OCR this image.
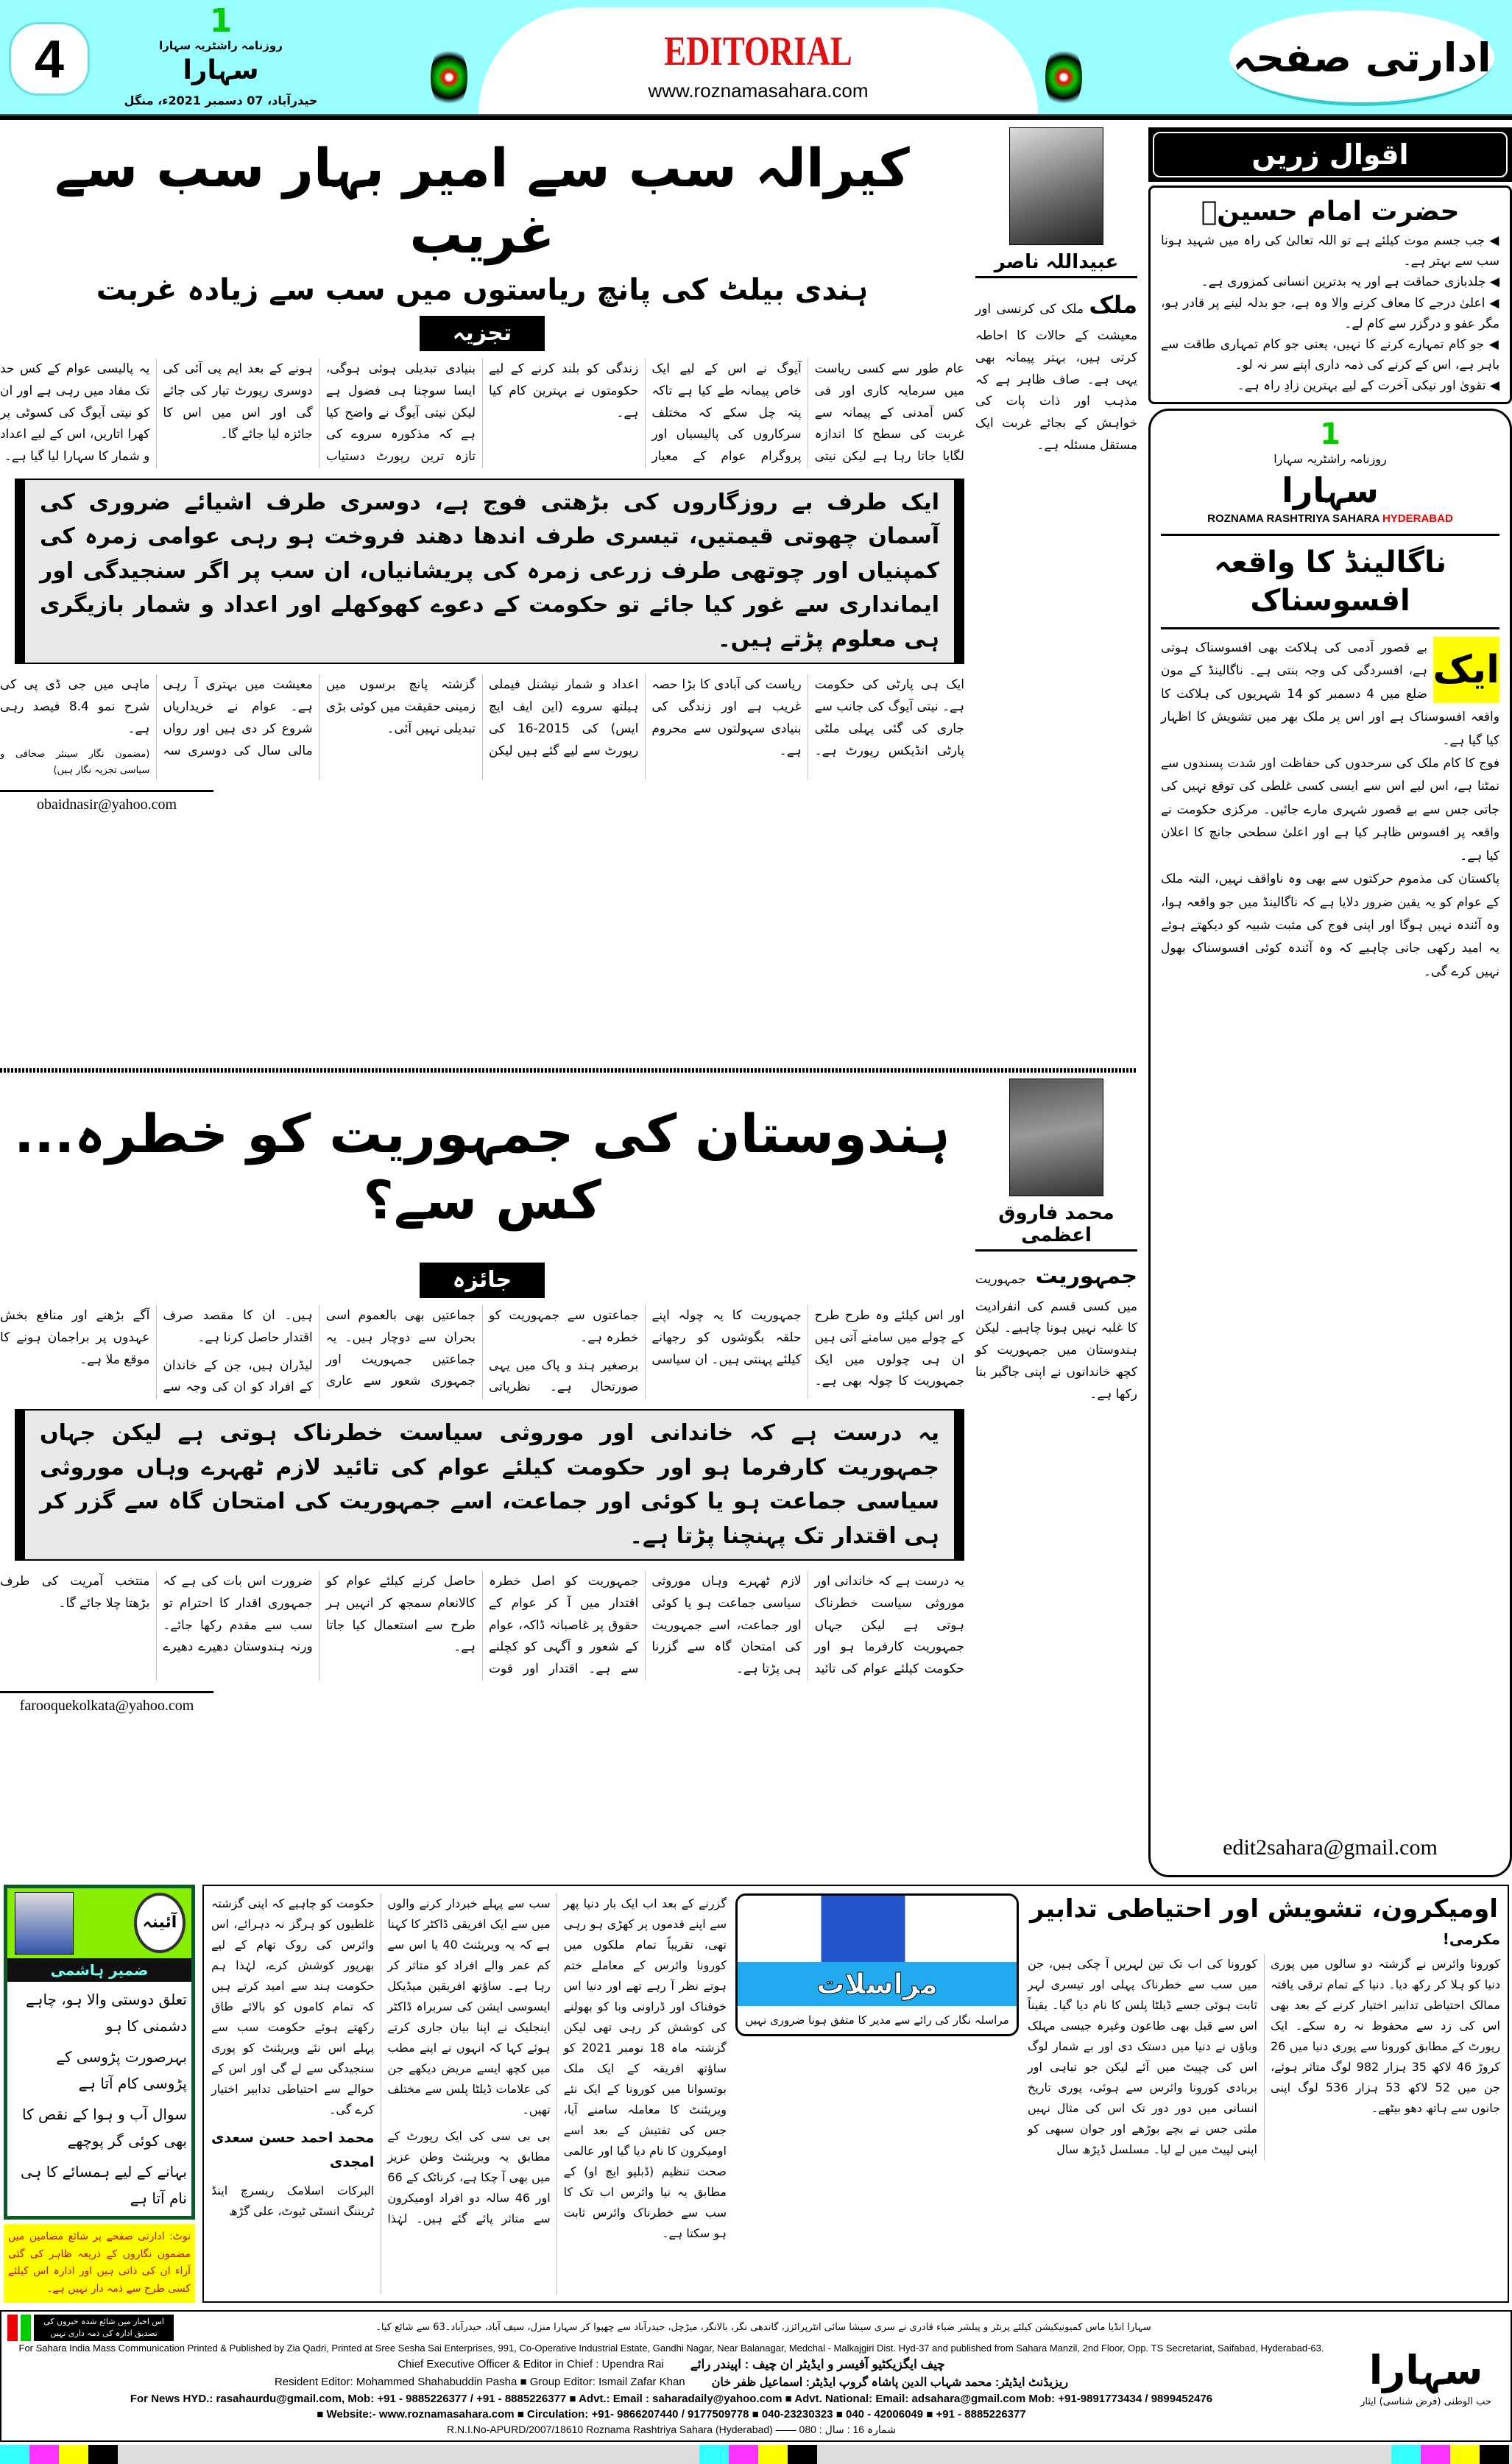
4
1
روزنامہ راشٹریہ سہارا
سہارا
حیدرآباد، 07 دسمبر 2021ء، منگل
EDITORIAL
www.roznamasahara.com
ادارتی صفحہ
کیرالہ سب سے امیر بہار سب سے غریب
ہندی بیلٹ کی پانچ ریاستوں میں سب سے زیادہ غربت
تجزیہ

عام طور سے کسی ریاست میں سرمایہ کاری اور فی کس آمدنی کے پیمانہ سے غربت کی سطح کا اندازہ لگایا جاتا رہا ہے لیکن نیتی آیوگ نے اس کے لیے ایک خاص پیمانہ طے کیا ہے تاکہ پتہ چل سکے کہ مختلف سرکاروں کی پالیسیاں اور پروگرام عوام کے معیار زندگی کو بلند کرنے کے لیے حکومتوں نے بہترین کام کیا ہے۔

بنیادی تبدیلی ہوئی ہوگی، ایسا سوچنا ہی فضول ہے لیکن نیتی آیوگ نے واضح کیا ہے کہ مذکورہ سروے کی تازہ ترین رپورٹ دستیاب ہونے کے بعد ایم پی آئی کی دوسری رپورٹ تیار کی جائے گی اور اس میں اس کا جائزہ لیا جائے گا۔

یہ پالیسی عوام کے کس حد تک مفاد میں رہی ہے اور ان کو نیتی آیوگ کی کسوٹی پر کھرا اتاریں، اس کے لیے اعداد و شمار کا سہارا لیا گیا ہے۔

ایک طرف بے روزگاروں کی بڑھتی فوج ہے، دوسری طرف اشیائے ضروری کی آسمان چھوتی قیمتیں، تیسری طرف اندھا دھند فروخت ہو رہی عوامی زمرہ کی کمپنیاں اور چوتھی طرف زرعی زمرہ کی پریشانیاں، ان سب پر اگر سنجیدگی اور ایمانداری سے غور کیا جائے تو حکومت کے دعوے کھوکھلے اور اعداد و شمار بازیگری ہی معلوم پڑتے ہیں۔

ایک ہی پارٹی کی حکومت ہے۔ نیتی آیوگ کی جانب سے جاری کی گئی پہلی ملٹی پارٹی انڈیکس رپورٹ ہے۔ ریاست کی آبادی کا بڑا حصہ غریب ہے اور زندگی کی بنیادی سہولتوں سے محروم ہے۔

اعداد و شمار نیشنل فیملی ہیلتھ سروے (این ایف ایچ ایس) کی 2015-16 کی رپورٹ سے لیے گئے ہیں لیکن گزشتہ پانچ برسوں میں زمینی حقیقت میں کوئی بڑی تبدیلی نہیں آئی۔

معیشت میں بہتری آ رہی ہے۔ عوام نے خریداریاں شروع کر دی ہیں اور رواں مالی سال کی دوسری سہ ماہی میں جی ڈی پی کی شرح نمو 8.4 فیصد رہی ہے۔

(مضمون نگار سینئر صحافی و سیاسی تجزیہ نگار ہیں)

obaidnasir@yahoo.com
عبیداللہ ناصر
ملک ملک کی کرنسی اور معیشت کے حالات کا احاطہ کرتی ہیں، بہتر پیمانہ بھی یہی ہے۔ صاف ظاہر ہے کہ مذہب اور ذات پات کی خواہش کے بجائے غربت ایک مستقل مسئلہ ہے۔
ہندوستان کی جمہوریت کو خطرہ... کس سے؟
جائزہ

اور اس کیلئے وہ طرح طرح کے چولے میں سامنے آتی ہیں ان ہی چولوں میں ایک جمہوریت کا چولہ بھی ہے۔ جمہوریت کا یہ چولہ اپنے حلقہ بگوشوں کو رجھانے کیلئے پہنتی ہیں۔ ان سیاسی جماعتوں سے جمہوریت کو خطرہ ہے۔

برصغیر ہند و پاک میں یہی صورتحال ہے۔ نظریاتی جماعتیں بھی بالعموم اسی بحران سے دوچار ہیں۔ یہ جماعتیں جمہوریت اور جمہوری شعور سے عاری ہیں۔ ان کا مقصد صرف اقتدار حاصل کرنا ہے۔

لیڈران ہیں، جن کے خاندان کے افراد کو ان کی وجہ سے آگے بڑھنے اور منافع بخش عہدوں پر براجمان ہونے کا موقع ملا ہے۔

یہ درست ہے کہ خاندانی اور موروثی سیاست خطرناک ہوتی ہے لیکن جہاں جمہوریت کارفرما ہو اور حکومت کیلئے عوام کی تائید لازم ٹھہرے وہاں موروثی سیاسی جماعت ہو یا کوئی اور جماعت، اسے جمہوریت کی امتحان گاہ سے گزر کر ہی اقتدار تک پہنچنا پڑتا ہے۔

یہ درست ہے کہ خاندانی اور موروثی سیاست خطرناک ہوتی ہے لیکن جہاں جمہوریت کارفرما ہو اور حکومت کیلئے عوام کی تائید لازم ٹھہرے وہاں موروثی سیاسی جماعت ہو یا کوئی اور جماعت، اسے جمہوریت کی امتحان گاہ سے گزرنا ہی پڑتا ہے۔

جمہوریت کو اصل خطرہ اقتدار میں آ کر عوام کے حقوق پر غاصبانہ ڈاکہ، عوام کے شعور و آگہی کو کچلنے سے ہے۔ اقتدار اور قوت حاصل کرنے کیلئے عوام کو کالانعام سمجھ کر انہیں ہر طرح سے استعمال کیا جاتا ہے۔

ضرورت اس بات کی ہے کہ جمہوری اقدار کا احترام تو سب سے مقدم رکھا جائے۔ ورنہ ہندوستان دھیرے دھیرے منتخب آمریت کی طرف بڑھتا چلا جائے گا۔

farooquekolkata@yahoo.com
محمد فاروق اعظمی
جمہوریت جمہوریت میں کسی قسم کی انفرادیت کا غلبہ نہیں ہونا چاہیے۔ لیکن ہندوستان میں جمہوریت کو کچھ خاندانوں نے اپنی جاگیر بنا رکھا ہے۔
اقوال زریں
حضرت امام حسینؓ
◀ جب جسم موت کیلئے ہے تو اللہ تعالیٰ کی راہ میں شہید ہونا سب سے بہتر ہے۔
◀ جلدبازی حماقت ہے اور یہ بدترین انسانی کمزوری ہے۔
◀ اعلیٰ درجے کا معاف کرنے والا وہ ہے، جو بدلہ لینے پر قادر ہو، مگر عفو و درگزر سے کام لے۔
◀ جو کام تمہارے کرنے کا نہیں، یعنی جو کام تمہاری طاقت سے باہر ہے، اس کے کرنے کی ذمہ داری اپنے سر نہ لو۔
◀ تقویٰ اور نیکی آخرت کے لیے بہترین زادِ راہ ہے۔
1
روزنامہ راشٹریہ سہارا
سہارا
ROZNAMA RASHTRIYA SAHARA HYDERABAD
ناگالینڈ کا واقعہ افسوسناک
ایک

بے قصور آدمی کی ہلاکت بھی افسوسناک ہوتی ہے، افسردگی کی وجہ بنتی ہے۔ ناگالینڈ کے مون ضلع میں 4 دسمبر کو 14 شہریوں کی ہلاکت کا واقعہ افسوسناک ہے اور اس پر ملک بھر میں تشویش کا اظہار کیا گیا ہے۔

فوج کا کام ملک کی سرحدوں کی حفاظت اور شدت پسندوں سے نمٹنا ہے، اس لیے اس سے ایسی کسی غلطی کی توقع نہیں کی جاتی جس سے بے قصور شہری مارے جائیں۔ مرکزی حکومت نے واقعہ پر افسوس ظاہر کیا ہے اور اعلیٰ سطحی جانچ کا اعلان کیا ہے۔

پاکستان کی مذموم حرکتوں سے بھی وہ ناواقف نہیں، البتہ ملک کے عوام کو یہ یقین ضرور دلایا ہے کہ ناگالینڈ میں جو واقعہ ہوا، وہ آئندہ نہیں ہوگا اور اپنی فوج کی مثبت شبیہ کو دیکھتے ہوئے یہ امید رکھی جانی چاہیے کہ وہ آئندہ کوئی افسوسناک بھول نہیں کرے گی۔

edit2sahara@gmail.com
آئینہ
ضمیر ہاشمی
تعلق دوستی والا ہو، چاہے دشمنی کا ہو
بہرصورت پڑوسی کے پڑوسی کام آتا ہے
سوال آب و ہوا کے نقص کا بھی کوئی گر پوچھے
بہانے کے لیے ہمسائے کا ہی نام آتا ہے
نوٹ: ادارتی صفحے پر شائع مضامین میں مضمون نگاروں کے ذریعہ ظاہر کی گئی آراء ان کی ذاتی ہیں اور ادارہ اس کیلئے کسی طرح سے ذمہ دار نہیں ہے۔

گزرنے کے بعد اب ایک بار دنیا پھر سے اپنے قدموں پر کھڑی ہو رہی تھی، تقریباً تمام ملکوں میں کورونا وائرس کے معاملے ختم ہوتے نظر آ رہے تھے اور دنیا اس خوفناک اور ڈراونی وبا کو بھولنے کی کوشش کر رہی تھی لیکن گزشتہ ماہ 18 نومبر 2021 کو ساؤتھ افریقہ کے ایک ملک بوتسوانا میں کورونا کے ایک نئے ویریئنٹ کا معاملہ سامنے آیا، جس کی تفتیش کے بعد اسے اومیکرون کا نام دیا گیا اور عالمی صحت تنظیم (ڈبلیو ایچ او) کے مطابق یہ نیا وائرس اب تک کا سب سے خطرناک وائرس ثابت ہو سکتا ہے۔

سب سے پہلے خبردار کرنے والوں میں سے ایک افریقی ڈاکٹر کا کہنا ہے کہ یہ ویریئنٹ 40 یا اس سے کم عمر والے افراد کو متاثر کر رہا ہے۔ ساؤتھ افریقین میڈیکل ایسوسی ایشن کی سربراہ ڈاکٹر اینجلیک نے اپنا بیان جاری کرتے ہوئے کہا کہ انہوں نے اپنے مطب میں کچھ ایسے مریض دیکھے جن کی علامات ڈیلٹا پلس سے مختلف تھیں۔

بی بی سی کی ایک رپورٹ کے مطابق یہ ویریئنٹ وطن عزیز میں بھی آ چکا ہے، کرناٹک کے 66 اور 46 سالہ دو افراد اومیکرون سے متاثر پائے گئے ہیں۔ لہٰذا حکومت کو چاہیے کہ اپنی گزشتہ غلطیوں کو ہرگز نہ دہرائے، اس وائرس کی روک تھام کے لیے بھرپور کوشش کرے، لہٰذا ہم حکومت ہند سے امید کرتے ہیں کہ تمام کاموں کو بالائے طاق رکھتے ہوئے حکومت سب سے پہلے اس نئے ویریئنٹ کو پوری سنجیدگی سے لے گی اور اس کے حوالے سے احتیاطی تدابیر اختیار کرے گی۔

محمد احمد حسن سعدی امجدی

البرکات اسلامک ریسرچ اینڈ ٹریننگ انسٹی ٹیوٹ، علی گڑھ

مراسلات
مراسلہ نگار کی رائے سے مدیر کا متفق ہونا ضروری نہیں
اومیکرون، تشویش اور احتیاطی تدابیر
مکرمی!

کورونا وائرس نے گزشتہ دو سالوں میں پوری دنیا کو ہلا کر رکھ دیا۔ دنیا کے تمام ترقی یافتہ ممالک احتیاطی تدابیر اختیار کرنے کے بعد بھی اس کی زد سے محفوظ نہ رہ سکے۔ ایک رپورٹ کے مطابق کورونا سے پوری دنیا میں 26 کروڑ 46 لاکھ 35 ہزار 982 لوگ متاثر ہوئے، جن میں 52 لاکھ 53 ہزار 536 لوگ اپنی جانوں سے ہاتھ دھو بیٹھے۔

کورونا کی اب تک تین لہریں آ چکی ہیں، جن میں سب سے خطرناک پہلی اور تیسری لہر ثابت ہوئی جسے ڈیلٹا پلس کا نام دیا گیا۔ یقیناً اس سے قبل بھی طاعون وغیرہ جیسی مہلک وباؤں نے دنیا میں دستک دی اور بے شمار لوگ اس کی چپیٹ میں آئے لیکن جو تباہی اور بربادی کورونا وائرس سے ہوئی، پوری تاریخ انسانی میں دور دور تک اس کی مثال نہیں ملتی جس نے بچے بوڑھے اور جوان سبھی کو اپنی لپیٹ میں لے لیا۔ مسلسل ڈیڑھ سال

اس اخبار میں شائع شدہ خبروں کی تصدیق ادارہ کی ذمہ داری نہیں
سہارا انڈیا ماس کمیونیکیشن کیلئے پرنٹر و پبلشر ضیاء قادری نے سری سیشا سائی انٹرپرائزز، گاندھی نگر، بالانگر، میڑچل، حیدرآباد سے چھپوا کر سہارا منزل، سیف آباد، حیدرآباد۔63 سے شائع کیا۔
For Sahara India Mass Communication Printed & Published by Zia Qadri, Printed at Sree Sesha Sai Enterprises, 991, Co-Operative Industrial Estate, Gandhi Nagar, Near Balanagar, Medchal - Malkajgiri Dist. Hyd-37 and published from Sahara Manzil, 2nd Floor, Opp. TS Secretariat, Saifabad, Hyderabad-63.
Chief Executive Officer & Editor in Chief : Upendra Rai	چیف ایگزیکٹیو آفیسر و ایڈیٹر ان چیف : اپیندر رائے
Resident Editor: Mohammed Shahabuddin Pasha ■ Group Editor: Ismail Zafar Khan	ریزیڈنٹ ایڈیٹر: محمد شہاب الدین پاشاہ گروپ ایڈیٹر: اسماعیل ظفر خان
For News HYD.: rasahaurdu@gmail.com, Mob: +91 - 9885226377 / +91 - 8885226377 ■ Advt.: Email : saharadaily@yahoo.com ■ Advt. National: Email: adsahara@gmail.com Mob: +91-9891773434 / 9899452476
■ Website:- www.roznamasahara.com ■ Circulation: +91- 9866207440 / 9177509778 ■ 040-23230323 ■ 040 - 42006049 ■ +91 - 8885226377
R.N.I.No-APURD/2007/18610 Roznama Rashtriya Sahara (Hyderabad) —— 080 : شمارہ 16 : سال
سہارا
حب الوطنی (فرض شناسی) ایثار
